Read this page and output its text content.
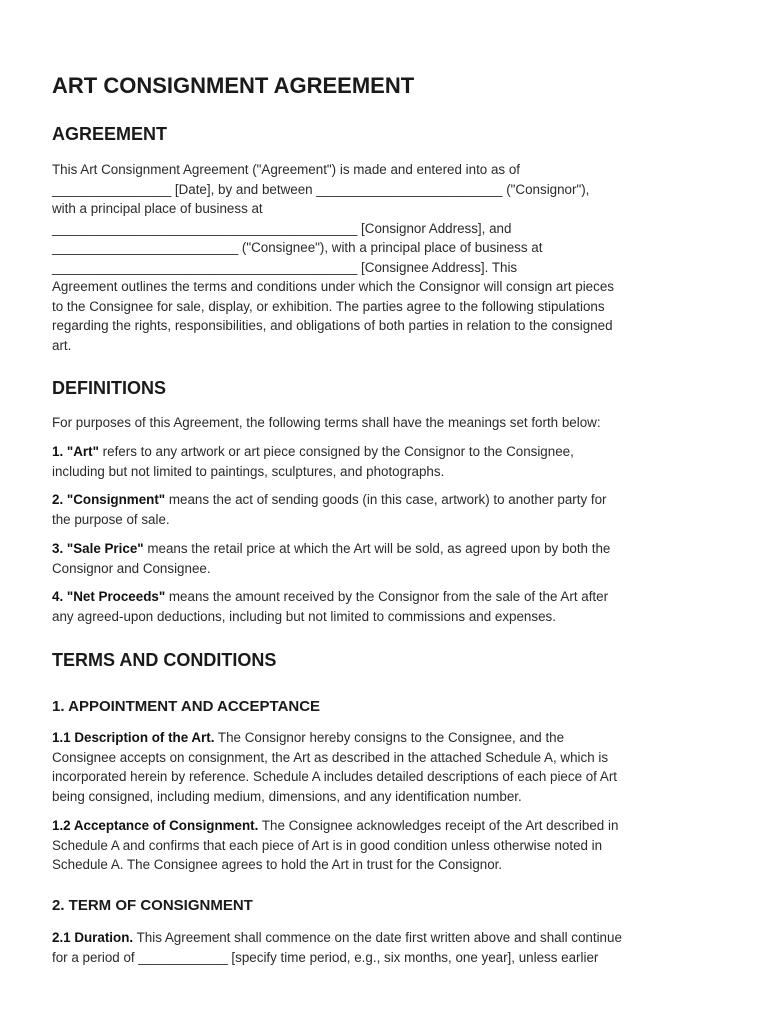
ART CONSIGNMENT AGREEMENT
AGREEMENT
This Art Consignment Agreement ("Agreement") is made and entered into as of
________________ [Date], by and between _________________________ ("Consignor"),
with a principal place of business at
_________________________________________ [Consignor Address], and
_________________________ ("Consignee"), with a principal place of business at
_________________________________________ [Consignee Address]. This
Agreement outlines the terms and conditions under which the Consignor will consign art pieces
to the Consignee for sale, display, or exhibition. The parties agree to the following stipulations
regarding the rights, responsibilities, and obligations of both parties in relation to the consigned
art.
DEFINITIONS
For purposes of this Agreement, the following terms shall have the meanings set forth below:
1. "Art" refers to any artwork or art piece consigned by the Consignor to the Consignee,
including but not limited to paintings, sculptures, and photographs.
2. "Consignment" means the act of sending goods (in this case, artwork) to another party for
the purpose of sale.
3. "Sale Price" means the retail price at which the Art will be sold, as agreed upon by both the
Consignor and Consignee.
4. "Net Proceeds" means the amount received by the Consignor from the sale of the Art after
any agreed-upon deductions, including but not limited to commissions and expenses.
TERMS AND CONDITIONS
1. APPOINTMENT AND ACCEPTANCE
1.1 Description of the Art. The Consignor hereby consigns to the Consignee, and the
Consignee accepts on consignment, the Art as described in the attached Schedule A, which is
incorporated herein by reference. Schedule A includes detailed descriptions of each piece of Art
being consigned, including medium, dimensions, and any identification number.
1.2 Acceptance of Consignment. The Consignee acknowledges receipt of the Art described in
Schedule A and confirms that each piece of Art is in good condition unless otherwise noted in
Schedule A. The Consignee agrees to hold the Art in trust for the Consignor.
2. TERM OF CONSIGNMENT
2.1 Duration. This Agreement shall commence on the date first written above and shall continue
for a period of ____________ [specify time period, e.g., six months, one year], unless earlier
